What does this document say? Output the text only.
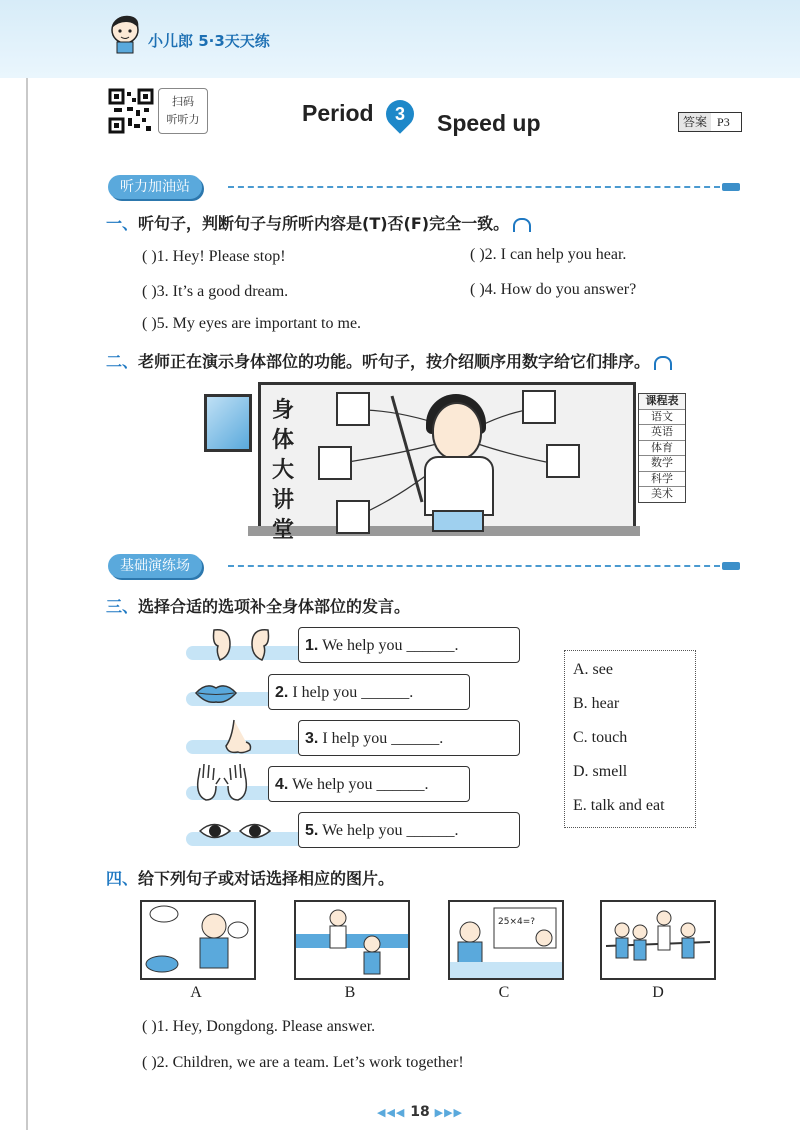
小儿郎 5·3天天练
扫码
听听力	Period	3	Speed up	答案 P3
听力加油站
一、听句子，判断句子与所听内容是(T)否(F)完全一致。
( )1. Hey! Please stop!	( )2. I can help you hear.
( )3. It’s a good dream.	( )4. How do you answer?
( )5. My eyes are important to me.
二、老师正在演示身体部位的功能。听句子，按介绍顺序用数字给它们排序。
身
体
大
讲
堂
课程表
语文
英语
体育
数学
科学
美术
基础演练场
三、选择合适的选项补全身体部位的发言。
1. We help you ______.
2. I help you ______.
3. I help you ______.
4. We help you ______.
5. We help you ______.
A. see
B. hear
C. touch
D. smell
E. talk and eat
四、给下列句子或对话选择相应的图片。
25×4=?
A	B	C	D
( )1. Hey, Dongdong. Please answer.
( )2. Children, we are a team. Let’s work together!
◀◀◀ 18 ▶▶▶
